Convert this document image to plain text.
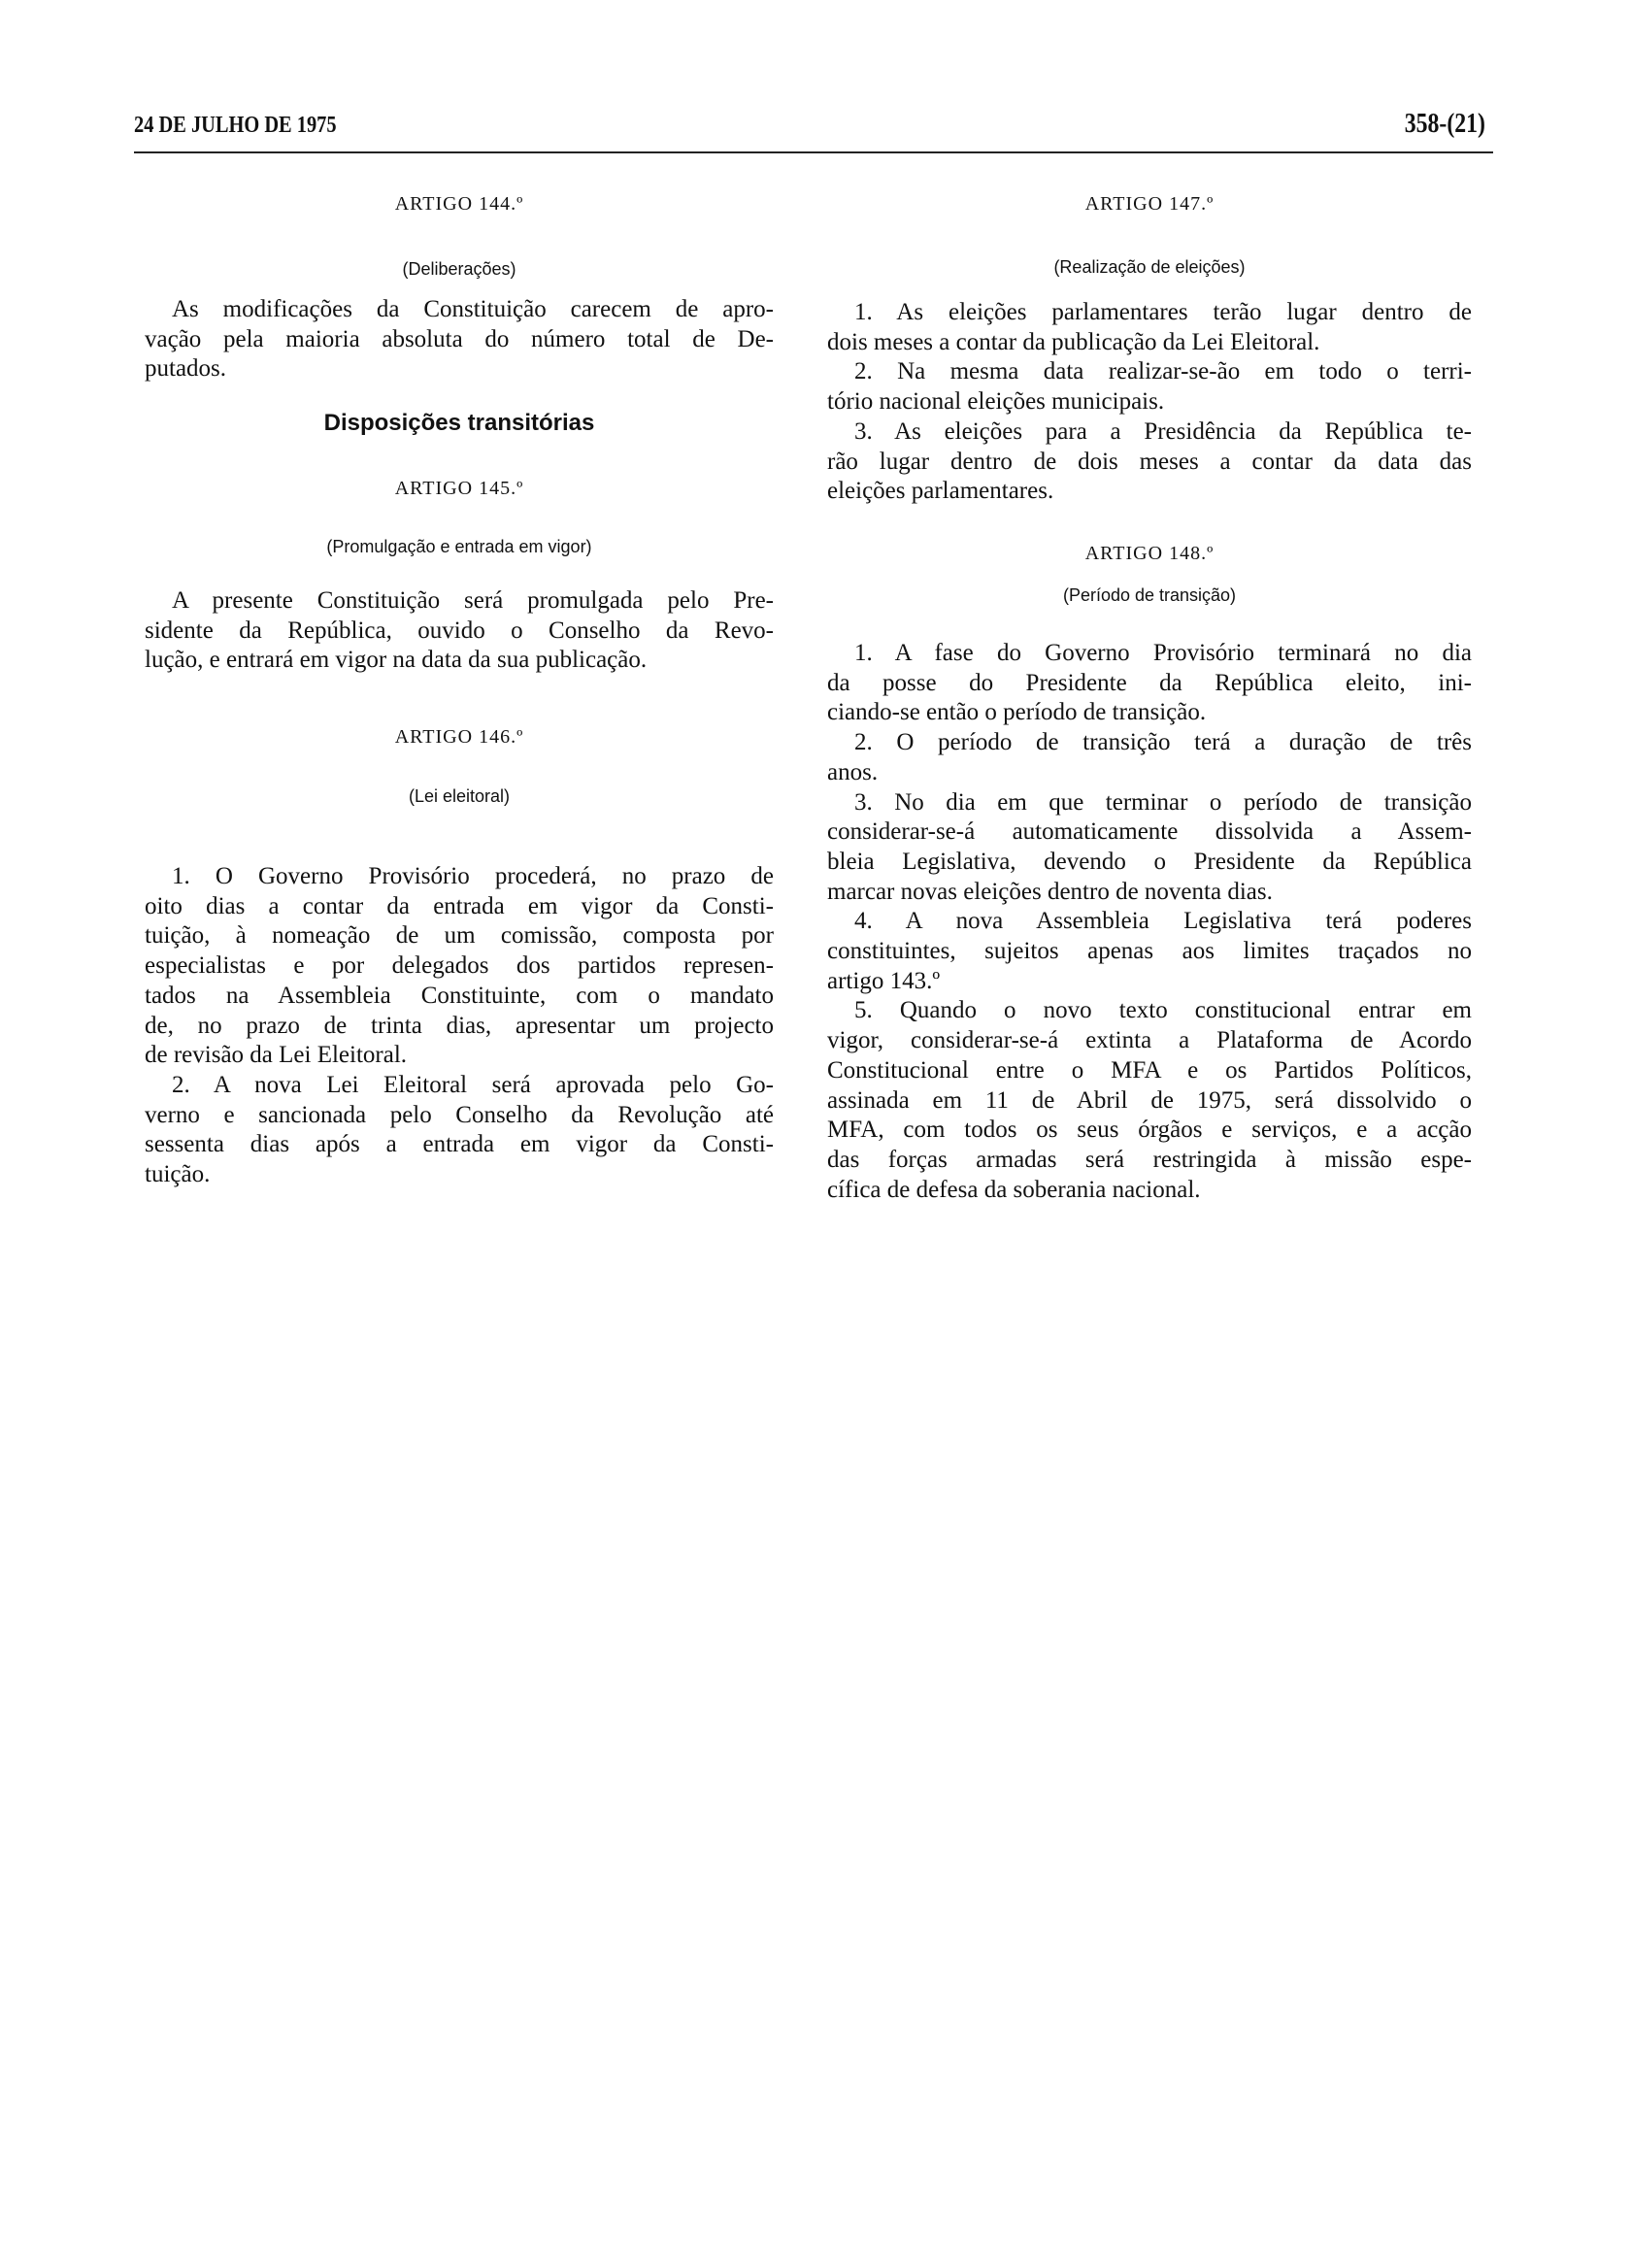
24 DE JULHO DE 1975	358-(21)
ARTIGO 144.º
(Deliberações)
As modificações da Constituição carecem de apro-
vação pela maioria absoluta do número total de De-
putados.
Disposições transitórias
ARTIGO 145.º
(Promulgação e entrada em vigor)
A presente Constituição será promulgada pelo Pre-
sidente da República, ouvido o Conselho da Revo-
lução, e entrará em vigor na data da sua publicação.
ARTIGO 146.º
(Lei eleitoral)
1. O Governo Provisório procederá, no prazo de
oito dias a contar da entrada em vigor da Consti-
tuição, à nomeação de um comissão, composta por
especialistas e por delegados dos partidos represen-
tados na Assembleia Constituinte, com o mandato
de, no prazo de trinta dias, apresentar um projecto
de revisão da Lei Eleitoral.
2. A nova Lei Eleitoral será aprovada pelo Go-
verno e sancionada pelo Conselho da Revolução até
sessenta dias após a entrada em vigor da Consti-
tuição.
ARTIGO 147.º
(Realização de eleições)
1. As eleições parlamentares terão lugar dentro de
dois meses a contar da publicação da Lei Eleitoral.
2. Na mesma data realizar-se-ão em todo o terri-
tório nacional eleições municipais.
3. As eleições para a Presidência da República te-
rão lugar dentro de dois meses a contar da data das
eleições parlamentares.
ARTIGO 148.º
(Período de transição)
1. A fase do Governo Provisório terminará no dia
da posse do Presidente da República eleito, ini-
ciando-se então o período de transição.
2. O período de transição terá a duração de três
anos.
3. No dia em que terminar o período de transição
considerar-se-á automaticamente dissolvida a Assem-
bleia Legislativa, devendo o Presidente da República
marcar novas eleições dentro de noventa dias.
4. A nova Assembleia Legislativa terá poderes
constituintes, sujeitos apenas aos limites traçados no
artigo 143.º
5. Quando o novo texto constitucional entrar em
vigor, considerar-se-á extinta a Plataforma de Acordo
Constitucional entre o MFA e os Partidos Políticos,
assinada em 11 de Abril de 1975, será dissolvido o
MFA, com todos os seus órgãos e serviços, e a acção
das forças armadas será restringida à missão espe-
cífica de defesa da soberania nacional.
